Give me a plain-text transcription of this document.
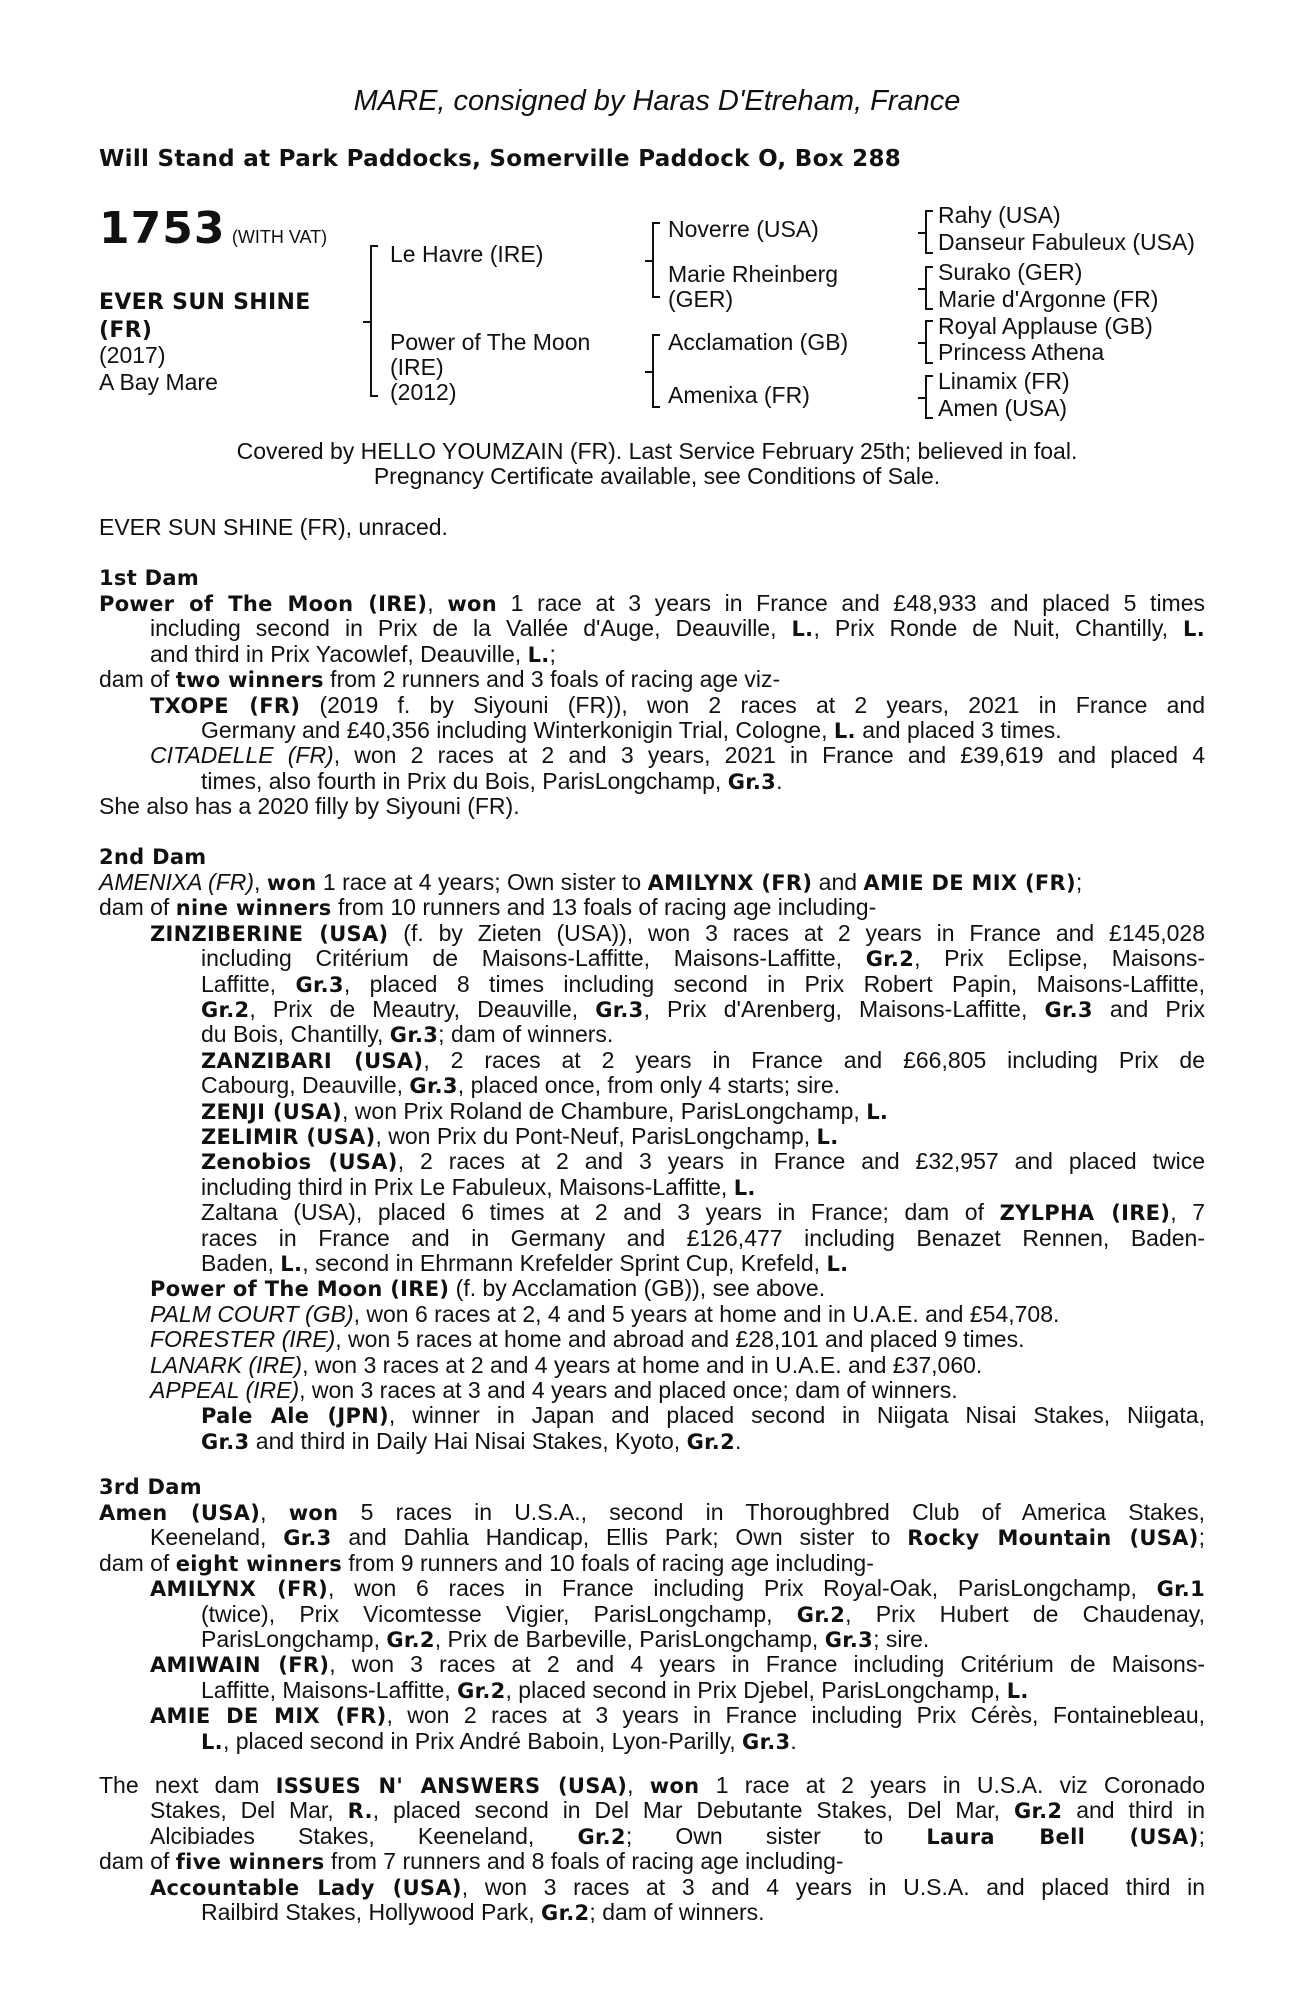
MARE, consigned by Haras D'Etreham, France
Will Stand at Park Paddocks, Somerville Paddock O, Box 288
1753 (WITH VAT)
EVER SUN SHINE
(FR)
(2017)
A Bay Mare
Le Havre (IRE)
Power of The Moon
(IRE)
(2012)
Noverre (USA)
Marie Rheinberg
(GER)
Acclamation (GB)
Amenixa (FR)
Rahy (USA)
Danseur Fabuleux (USA)
Surako (GER)
Marie d'Argonne (FR)
Royal Applause (GB)
Princess Athena
Linamix (FR)
Amen (USA)
Covered by HELLO YOUMZAIN (FR). Last Service February 25th; believed in foal.
Pregnancy Certificate available, see Conditions of Sale.
EVER SUN SHINE (FR), unraced.
1st Dam
2nd Dam
3rd Dam
Power of The Moon (IRE), won 1 race at 3 years in France and £48,933 and placed 5 times
including second in Prix de la Vallée d'Auge, Deauville, L., Prix Ronde de Nuit, Chantilly, L.
and third in Prix Yacowlef, Deauville, L.;
dam of two winners from 2 runners and 3 foals of racing age viz-
TXOPE (FR) (2019 f. by Siyouni (FR)), won 2 races at 2 years, 2021 in France and
Germany and £40,356 including Winterkonigin Trial, Cologne, L. and placed 3 times.
CITADELLE (FR), won 2 races at 2 and 3 years, 2021 in France and £39,619 and placed 4
times, also fourth in Prix du Bois, ParisLongchamp, Gr.3.
She also has a 2020 filly by Siyouni (FR).
AMENIXA (FR), won 1 race at 4 years; Own sister to AMILYNX (FR) and AMIE DE MIX (FR);
dam of nine winners from 10 runners and 13 foals of racing age including-
ZINZIBERINE (USA) (f. by Zieten (USA)), won 3 races at 2 years in France and £145,028
including Critérium de Maisons-Laffitte, Maisons-Laffitte, Gr.2, Prix Eclipse, Maisons-
Laffitte, Gr.3, placed 8 times including second in Prix Robert Papin, Maisons-Laffitte,
Gr.2, Prix de Meautry, Deauville, Gr.3, Prix d'Arenberg, Maisons-Laffitte, Gr.3 and Prix
du Bois, Chantilly, Gr.3; dam of winners.
ZANZIBARI (USA), 2 races at 2 years in France and £66,805 including Prix de
Cabourg, Deauville, Gr.3, placed once, from only 4 starts; sire.
ZENJI (USA), won Prix Roland de Chambure, ParisLongchamp, L.
ZELIMIR (USA), won Prix du Pont-Neuf, ParisLongchamp, L.
Zenobios (USA), 2 races at 2 and 3 years in France and £32,957 and placed twice
including third in Prix Le Fabuleux, Maisons-Laffitte, L.
Zaltana (USA), placed 6 times at 2 and 3 years in France; dam of ZYLPHA (IRE), 7
races in France and in Germany and £126,477 including Benazet Rennen, Baden-
Baden, L., second in Ehrmann Krefelder Sprint Cup, Krefeld, L.
Power of The Moon (IRE) (f. by Acclamation (GB)), see above.
PALM COURT (GB), won 6 races at 2, 4 and 5 years at home and in U.A.E. and £54,708.
FORESTER (IRE), won 5 races at home and abroad and £28,101 and placed 9 times.
LANARK (IRE), won 3 races at 2 and 4 years at home and in U.A.E. and £37,060.
APPEAL (IRE), won 3 races at 3 and 4 years and placed once; dam of winners.
Pale Ale (JPN), winner in Japan and placed second in Niigata Nisai Stakes, Niigata,
Gr.3 and third in Daily Hai Nisai Stakes, Kyoto, Gr.2.
Amen (USA), won 5 races in U.S.A., second in Thoroughbred Club of America Stakes,
Keeneland, Gr.3 and Dahlia Handicap, Ellis Park; Own sister to Rocky Mountain (USA);
dam of eight winners from 9 runners and 10 foals of racing age including-
AMILYNX (FR), won 6 races in France including Prix Royal-Oak, ParisLongchamp, Gr.1
(twice), Prix Vicomtesse Vigier, ParisLongchamp, Gr.2, Prix Hubert de Chaudenay,
ParisLongchamp, Gr.2, Prix de Barbeville, ParisLongchamp, Gr.3; sire.
AMIWAIN (FR), won 3 races at 2 and 4 years in France including Critérium de Maisons-
Laffitte, Maisons-Laffitte, Gr.2, placed second in Prix Djebel, ParisLongchamp, L.
AMIE DE MIX (FR), won 2 races at 3 years in France including Prix Cérès, Fontainebleau,
L., placed second in Prix André Baboin, Lyon-Parilly, Gr.3.
The next dam ISSUES N' ANSWERS (USA), won 1 race at 2 years in U.S.A. viz Coronado
Stakes, Del Mar, R., placed second in Del Mar Debutante Stakes, Del Mar, Gr.2 and third in
Alcibiades Stakes, Keeneland, Gr.2; Own sister to Laura Bell (USA);
dam of five winners from 7 runners and 8 foals of racing age including-
Accountable Lady (USA), won 3 races at 3 and 4 years in U.S.A. and placed third in
Railbird Stakes, Hollywood Park, Gr.2; dam of winners.
